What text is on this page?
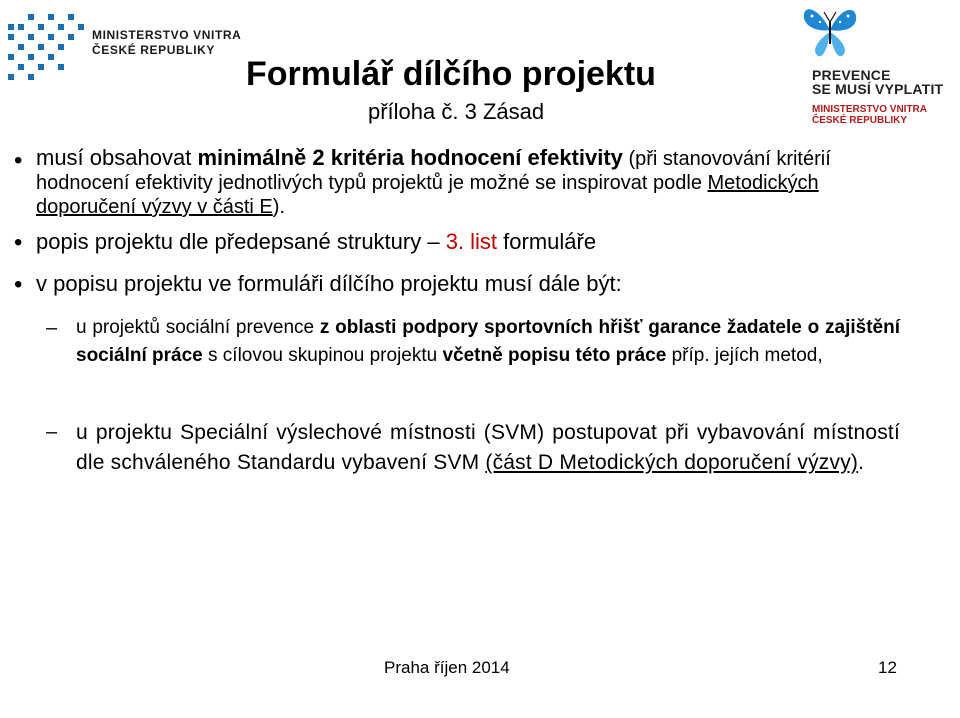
MINISTERSTVO VNITRA
ČESKÉ REPUBLIKY
PREVENCE
SE MUSÍ VYPLATIT
MINISTERSTVO VNITRA
ČESKÉ REPUBLIKY
Formulář dílčího projektu
příloha č. 3 Zásad
• musí obsahovat minimálně 2 kritéria hodnocení efektivity (při stanovování kritérií hodnocení efektivity jednotlivých typů projektů je možné se inspirovat podle Metodických doporučení výzvy v části E).
• popis projektu dle předepsané struktury – 3. list formuláře
• v popisu projektu ve formuláři dílčího projektu musí dále být:
– u projektů sociální prevence z oblasti podpory sportovních hřišť garance žadatele o zajištění sociální práce s cílovou skupinou projektu včetně popisu této práce příp. jejích metod,
– u projektu Speciální výslechové místnosti (SVM) postupovat při vybavování místností dle schváleného Standardu vybavení SVM (část D Metodických doporučení výzvy).
Praha říjen 2014	12
